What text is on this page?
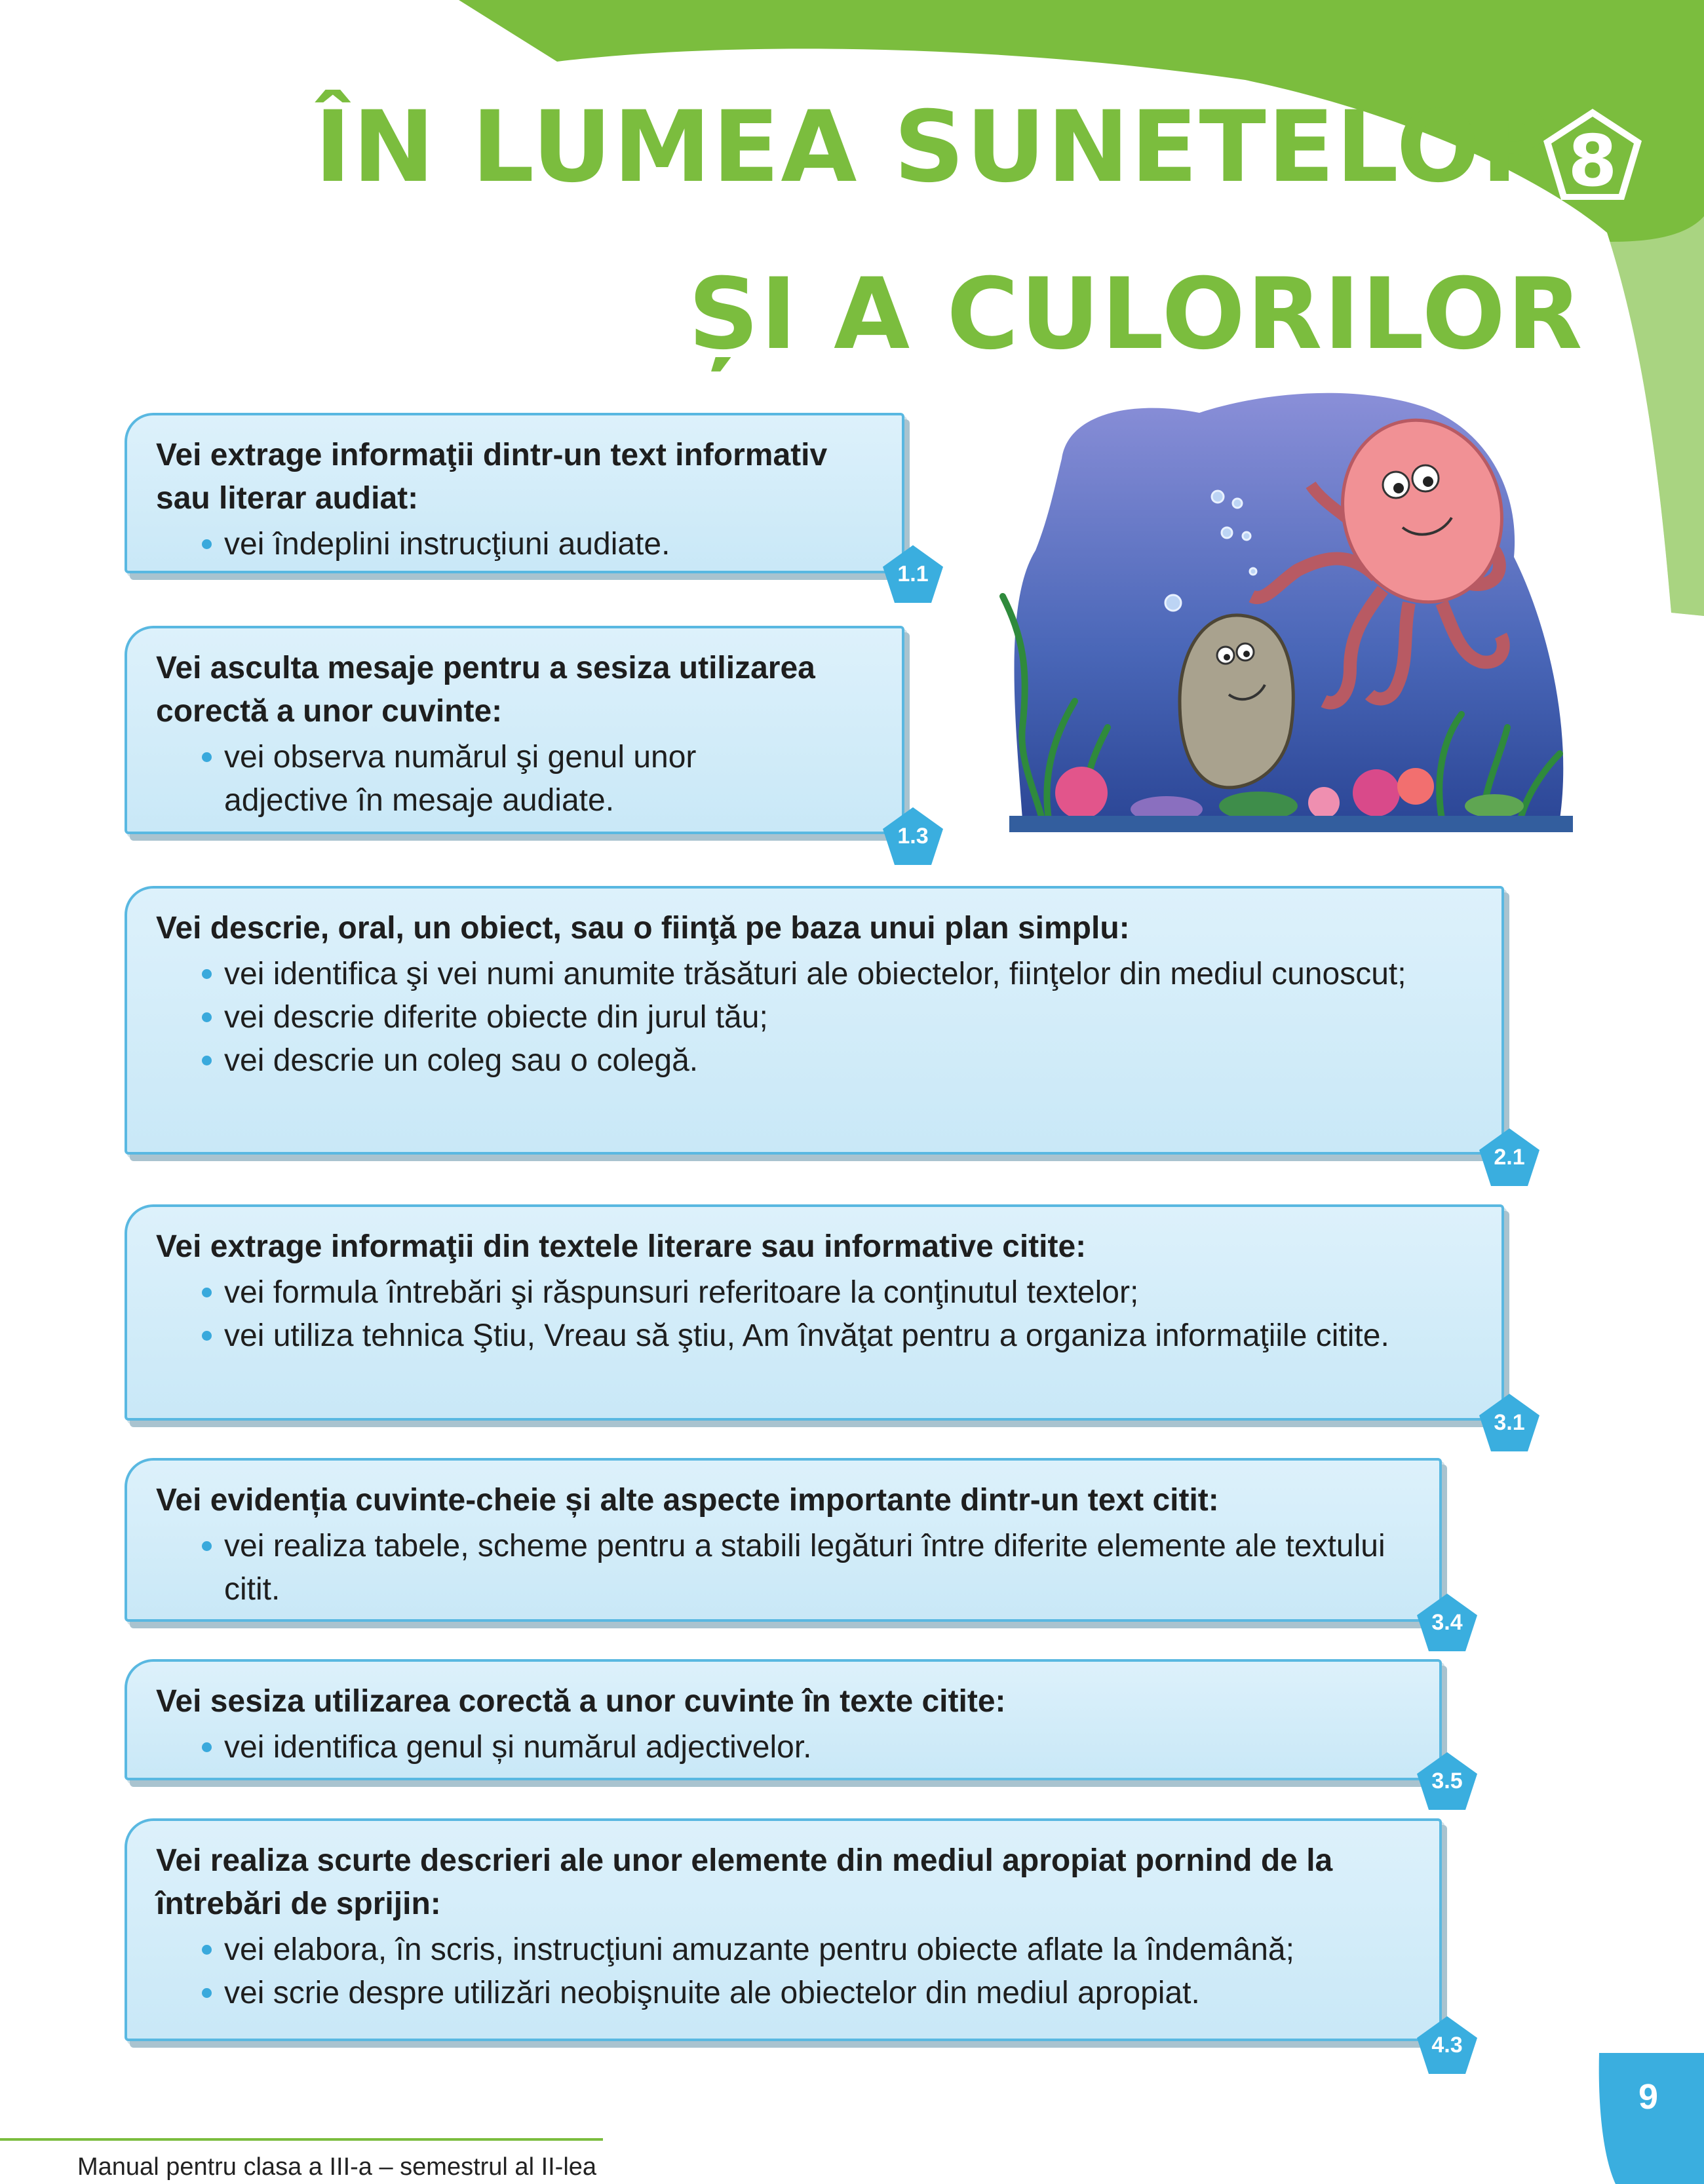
ÎN LUMEA SUNETELOR
ȘI A CULORILOR
8

Vei extrage informaţii dintr-un text informativ sau literar audiat:

vei îndeplini instrucţiuni audiate.
1.1

Vei asculta mesaje pentru a sesiza utilizarea corectă a unor cuvinte:

vei observa numărul şi genul unor adjective în mesaje audiate.
1.3

Vei descrie, oral, un obiect, sau o fiinţă pe baza unui plan simplu:

vei identifica şi vei numi anumite trăsături ale obiectelor, fiinţelor din mediul cunoscut;
vei descrie diferite obiecte din jurul tău;
vei descrie un coleg sau o colegă.
2.1

Vei extrage informaţii din textele literare sau informative citite:

vei formula întrebări şi răspunsuri referitoare la conţinutul textelor;
vei utiliza tehnica Ştiu, Vreau să ştiu, Am învăţat pentru a organiza informaţiile citite.
3.1

Vei evidenția cuvinte-cheie și alte aspecte importante dintr-un text citit:

vei realiza tabele, scheme pentru a stabili legături între diferite elemente ale textului citit.
3.4

Vei sesiza utilizarea corectă a unor cuvinte în texte citite:

vei identifica genul și numărul adjectivelor.
3.5

Vei realiza scurte descrieri ale unor elemente din mediul apropiat pornind de la întrebări de sprijin:

vei elabora, în scris, instrucţiuni amuzante pentru obiecte aflate la îndemână;
vei scrie despre utilizări neobişnuite ale obiectelor din mediul apropiat.
4.3
Manual pentru clasa a III-a – semestrul al II-lea
9
